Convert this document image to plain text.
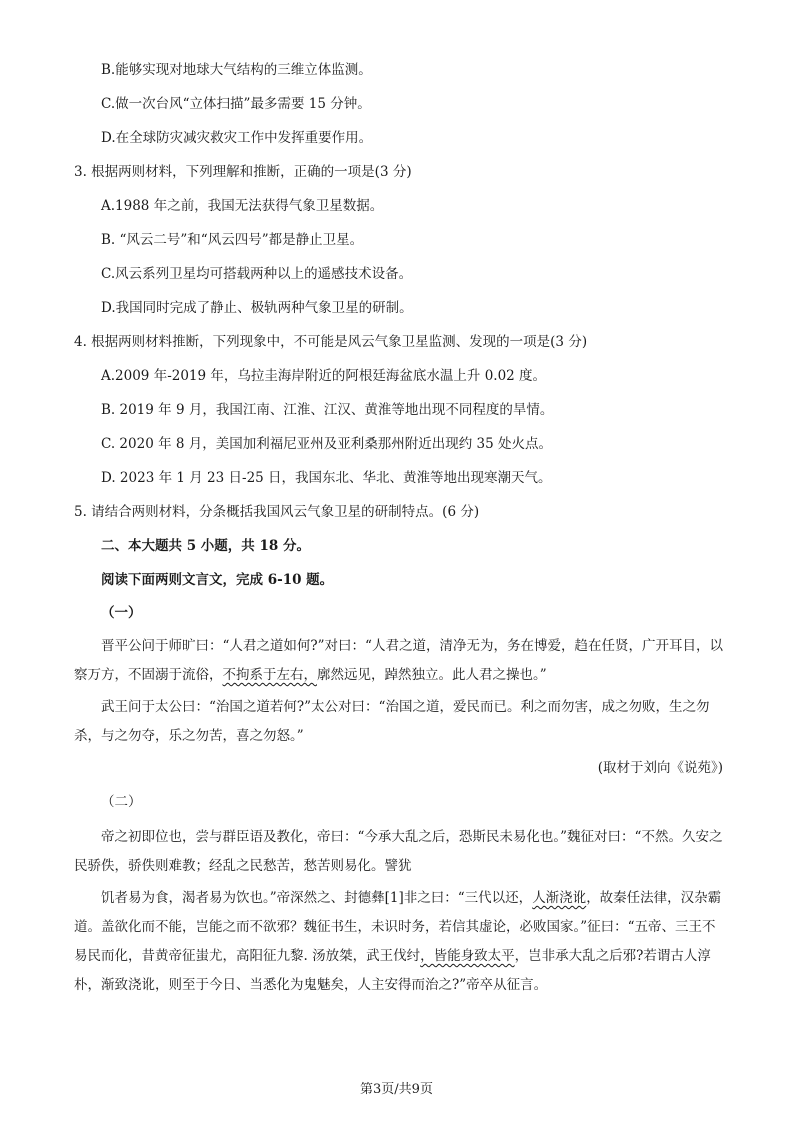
B.能够实现对地球大气结构的三维立体监测。
C.做一次台风“立体扫描”最多需要 15 分钟。
D.在全球防灾减灾救灾工作中发挥重要作用。
3. 根据两则材料，下列理解和推断，正确的一项是(3 分)
A.1988 年之前，我国无法获得气象卫星数据。
B. “风云二号”和“风云四号”都是静止卫星。
C.风云系列卫星均可搭载两种以上的遥感技术设备。
D.我国同时完成了静止、极轨两种气象卫星的研制。
4. 根据两则材料推断，下列现象中，不可能是风云气象卫星监测、发现的一项是(3 分)
A.2009 年-2019 年，乌拉圭海岸附近的阿根廷海盆底水温上升 0.02 度。
B. 2019 年 9 月，我国江南、江淮、江汉、黄淮等地出现不同程度的旱情。
C. 2020 年 8 月，美国加利福尼亚州及亚利桑那州附近出现约 35 处火点。
D. 2023 年 1 月 23 日-25 日，我国东北、华北、黄淮等地出现寒潮天气。
5. 请结合两则材料，分条概括我国风云气象卫星的研制特点。(6 分)
二、本大题共 5 小题，共 18 分。
阅读下面两则文言文，完成 6-10 题。
（一）
晋平公问于师旷曰：“人君之道如何?”对曰：“人君之道，清净无为，务在博爱，趋在任贤，广开耳目，以察万方，不固溺于流俗，不拘系于左右，廓然远见，踔然独立。此人君之操也。”
武王问于太公曰：“治国之道若何?”太公对曰：“治国之道，爱民而已。利之而勿害，成之勿败，生之勿杀，与之勿夺，乐之勿苦，喜之勿怒。”
(取材于刘向《说苑》)
（二）
帝之初即位也，尝与群臣语及教化，帝曰：“今承大乱之后，恐斯民未易化也。”魏征对曰：“不然。久安之民骄佚，骄佚则难教；经乱之民愁苦，愁苦则易化。譬犹
饥者易为食，渴者易为饮也。”帝深然之、封德彝[1]非之曰：“三代以还，人渐浇讹，故秦任法律，汉杂霸道。盖欲化而不能，岂能之而不欲邪？魏征书生，未识时务，若信其虚论，必败国家。”征曰：“五帝、三王不易民而化，昔黄帝征蚩尤，高阳征九黎. 汤放桀，武王伐纣，皆能身致太平，岂非承大乱之后邪?若谓古人淳朴，渐致浇讹，则至于今日、当悉化为鬼魅矣，人主安得而治之?”帝卒从征言。
第3页/共9页
